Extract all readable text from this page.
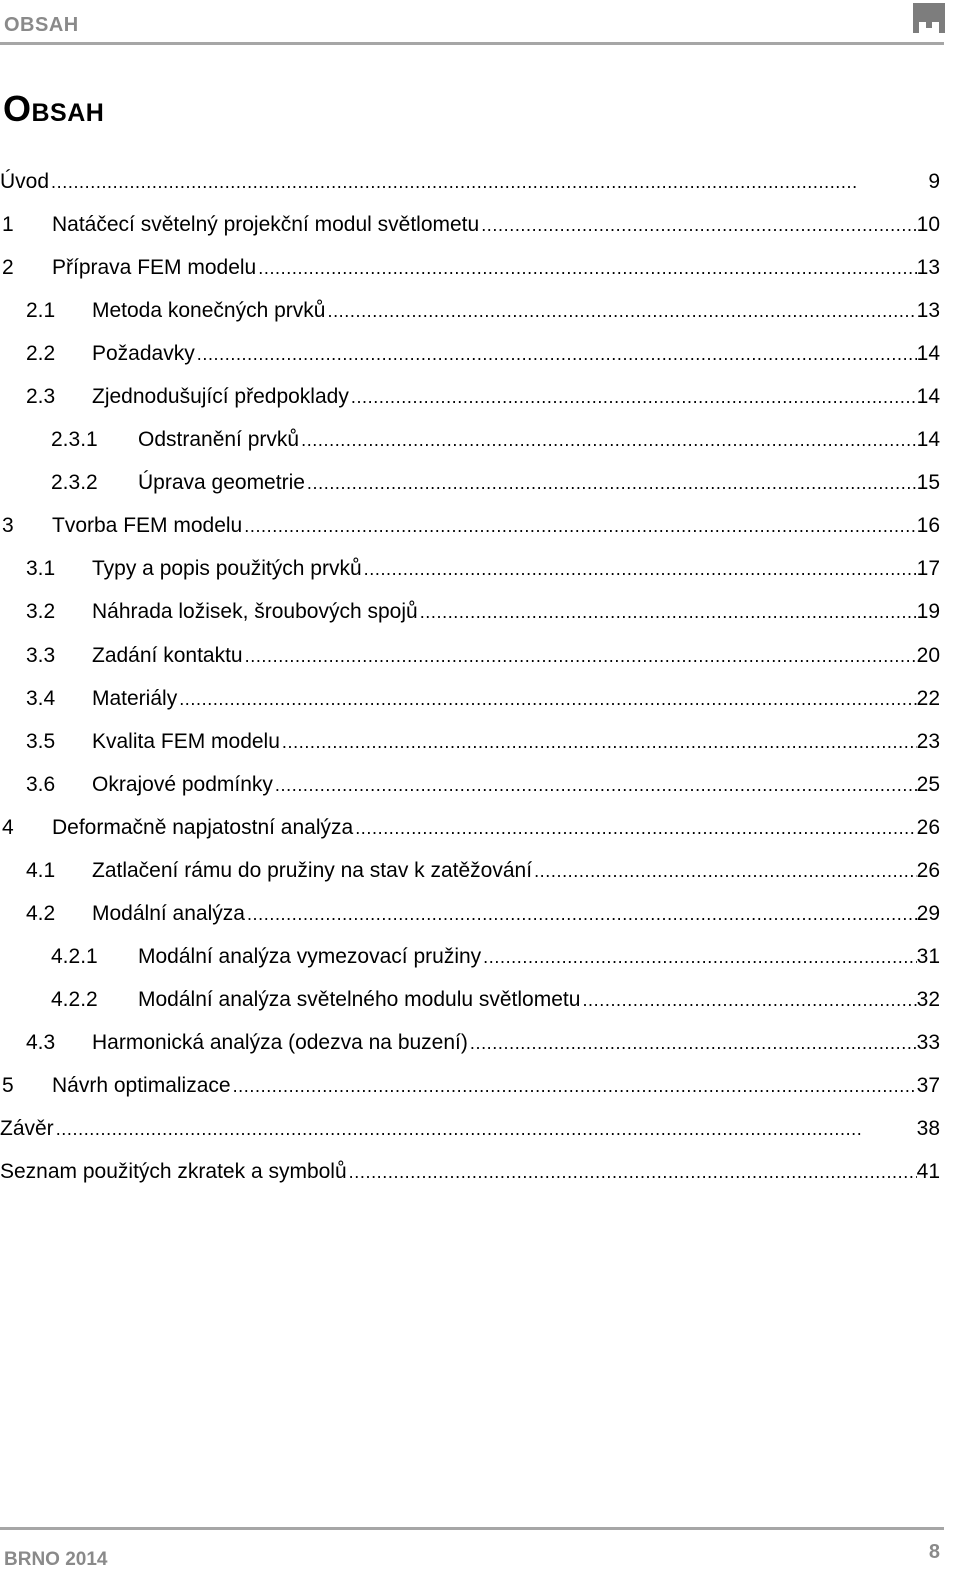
OBSAH
Obsah
Úvod . . .	9
1	Natáčecí světelný projekční modul světlometu . . .	10
2	Příprava FEM modelu . . .	13
2.1	Metoda konečných prvků . . .	13
2.2	Požadavky . . .	14
2.3	Zjednodušující předpoklady . . .	14
2.3.1	Odstranění prvků . . .	14
2.3.2	Úprava geometrie . . .	15
3	Tvorba FEM modelu . . .	16
3.1	Typy a popis použitých prvků . . .	17
3.2	Náhrada ložisek, šroubových spojů . . .	19
3.3	Zadání kontaktu . . .	20
3.4	Materiály . . .	22
3.5	Kvalita FEM modelu . . .	23
3.6	Okrajové podmínky . . .	25
4	Deformačně napjatostní analýza . . .	26
4.1	Zatlačení rámu do pružiny na stav k zatěžování . . .	26
4.2	Modální analýza . . .	29
4.2.1	Modální analýza vymezovací pružiny . . .	31
4.2.2	Modální analýza světelného modulu světlometu . . .	32
4.3	Harmonická analýza (odezva na buzení) . . .	33
5	Návrh optimalizace . . .	37
Závěr . . .	38
Seznam použitých zkratek a symbolů . . .	41
BRNO 2014	8
